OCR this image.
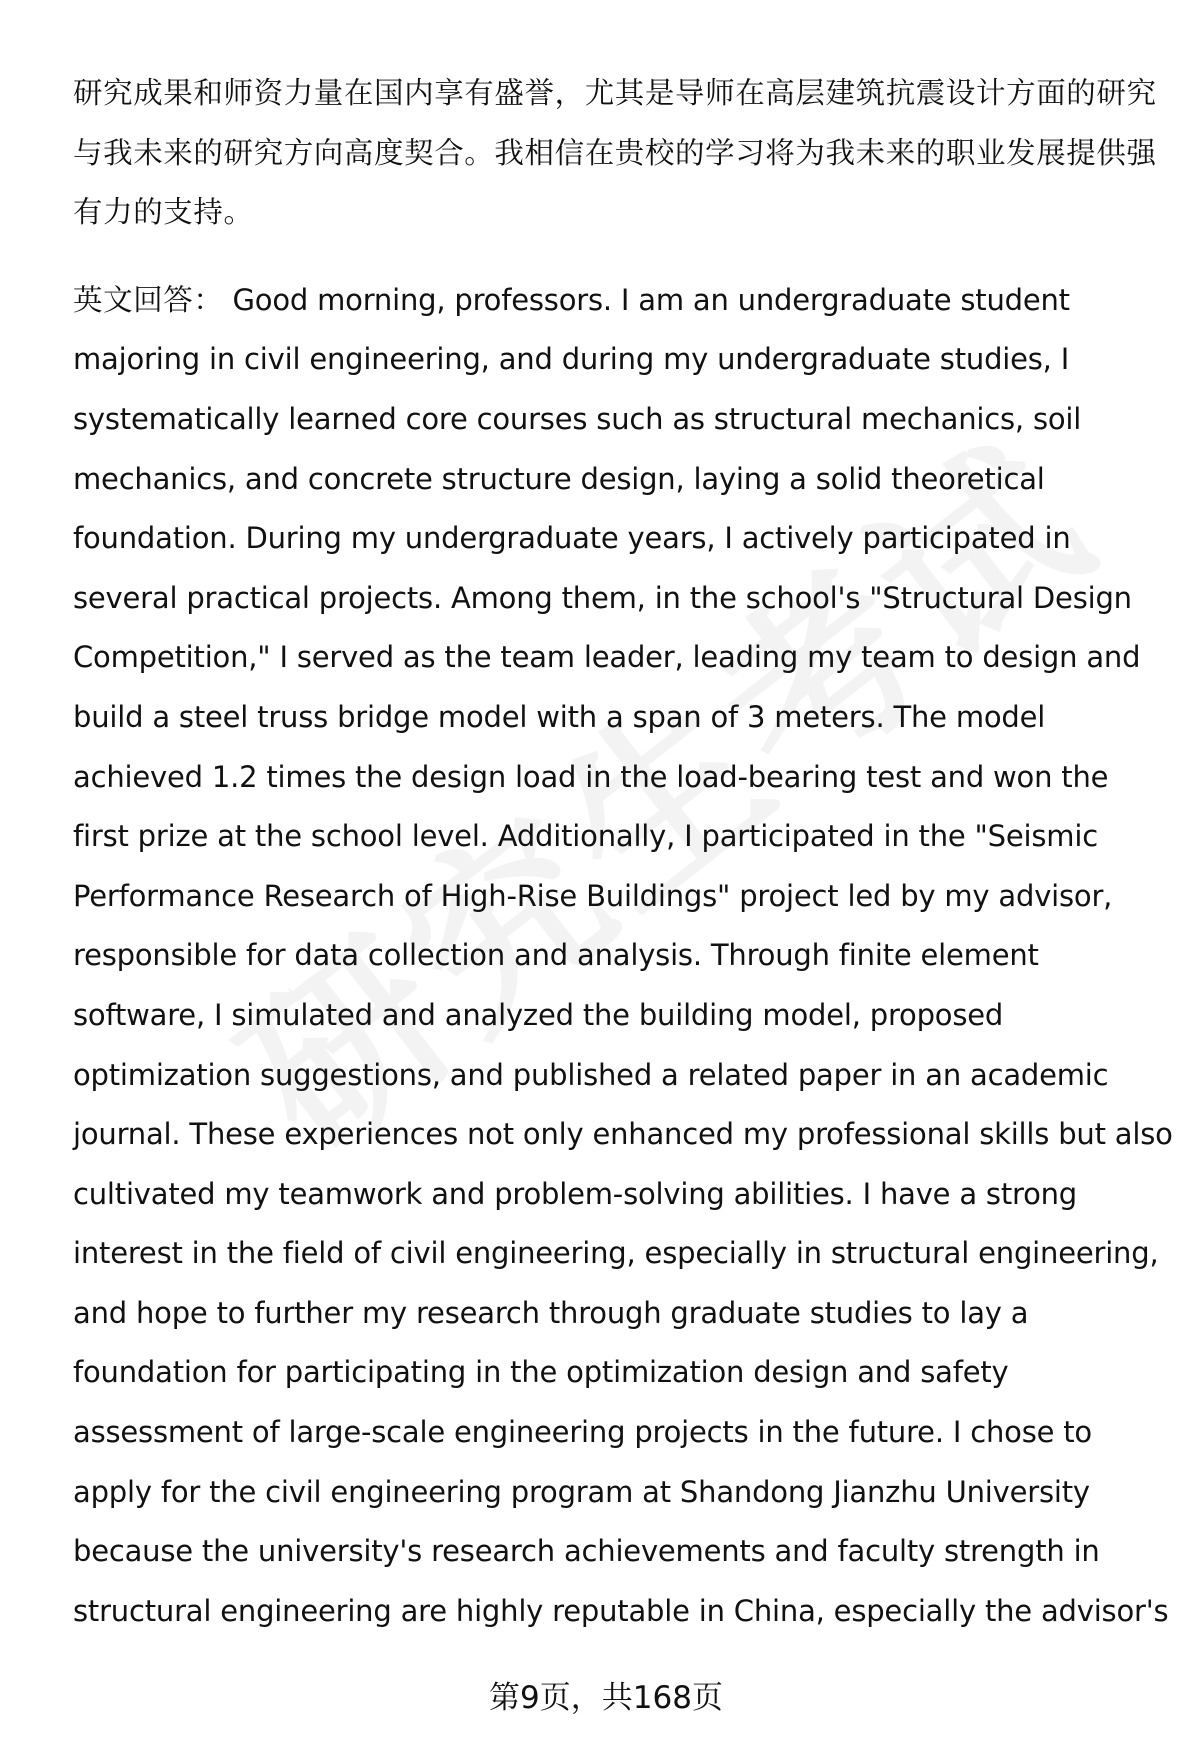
研究成果和师资力量在国内享有盛誉，尤其是导师在高层建筑抗震设计方面的研究
与我未来的研究方向高度契合。我相信在贵校的学习将为我未来的职业发展提供强
有力的支持。
英文回答： Good morning, professors. I am an undergraduate student
majoring in civil engineering, and during my undergraduate studies, I
systematically learned core courses such as structural mechanics, soil
mechanics, and concrete structure design, laying a solid theoretical
foundation. During my undergraduate years, I actively participated in
several practical projects. Among them, in the school's "Structural Design
Competition," I served as the team leader, leading my team to design and
build a steel truss bridge model with a span of 3 meters. The model
achieved 1.2 times the design load in the load-bearing test and won the
first prize at the school level. Additionally, I participated in the "Seismic
Performance Research of High-Rise Buildings" project led by my advisor,
responsible for data collection and analysis. Through finite element
software, I simulated and analyzed the building model, proposed
optimization suggestions, and published a related paper in an academic
journal. These experiences not only enhanced my professional skills but also
cultivated my teamwork and problem-solving abilities. I have a strong
interest in the field of civil engineering, especially in structural engineering,
and hope to further my research through graduate studies to lay a
foundation for participating in the optimization design and safety
assessment of large-scale engineering projects in the future. I chose to
apply for the civil engineering program at Shandong Jianzhu University
because the university's research achievements and faculty strength in
structural engineering are highly reputable in China, especially the advisor's
第9页，共168页
